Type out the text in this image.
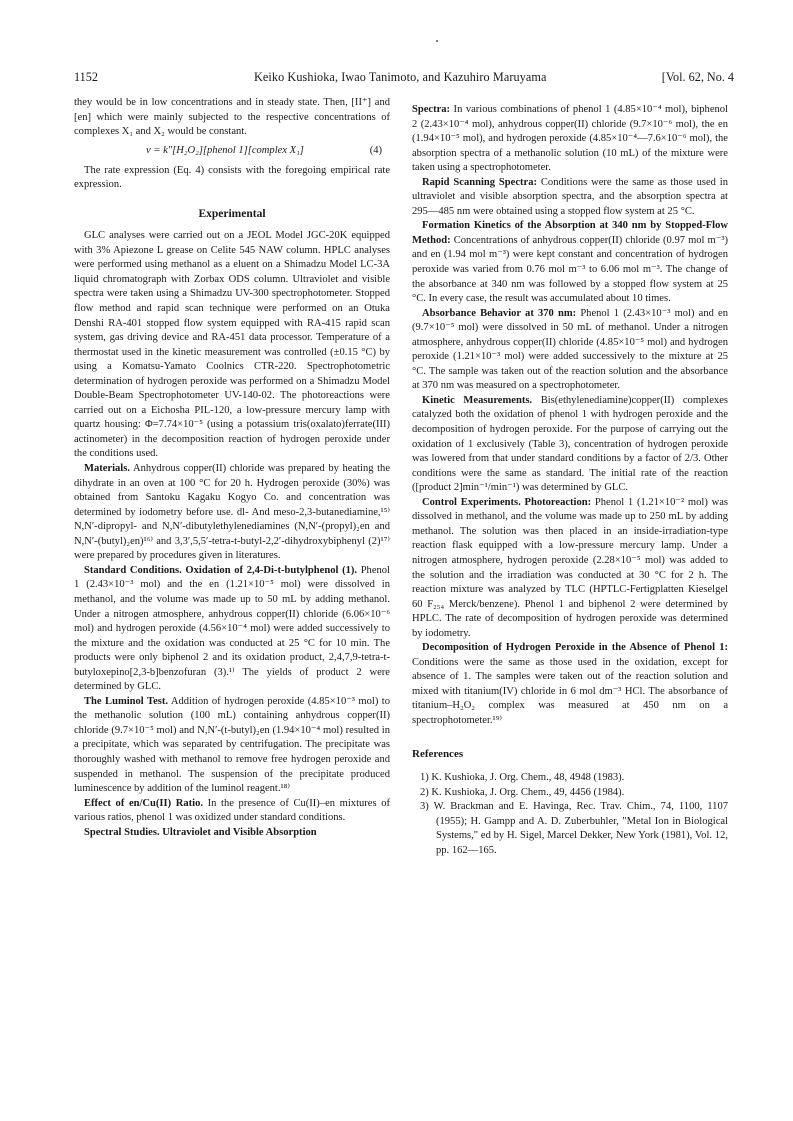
1152	Keiko Kushioka, Iwao Tanimoto, and Kazuhiro Maruyama	[Vol. 62, No. 4

they would be in low concentrations and in steady state. Then, [II⁺] and [en] which were mainly subjected to the respective concentrations of complexes X₁ and X₂ would be constant.

v = k″[H₂O₂][phenol 1][complex X₁]	(4)

The rate expression (Eq. 4) consists with the foregoing empirical rate expression.

Experimental

GLC analyses were carried out on a JEOL Model JGC-20K equipped with 3% Apiezone L grease on Celite 545 NAW column. HPLC analyses were performed using methanol as a eluent on a Shimadzu Model LC-3A liquid chromatograph with Zorbax ODS column. Ultraviolet and visible spectra were taken using a Shimadzu UV-300 spectrophotometer. Stopped flow method and rapid scan technique were performed on an Otuka Denshi RA-401 stopped flow system equipped with RA-415 rapid scan system, gas driving device and RA-451 data processor. Temperature of a thermostat used in the kinetic measurement was controlled (±0.15 °C) by using a Komatsu-Yamato Coolnics CTR-220. Spectrophotometric determination of hydrogen peroxide was performed on a Shimadzu Model Double-Beam Spectrophotometer UV-140-02. The photoreactions were carried out on a Eichosha PIL-120, a low-pressure mercury lamp with quartz housing: Φ=7.74×10⁻⁵ (using a potassium tris(oxalato)ferrate(III) actinometer) in the decomposition reaction of hydrogen peroxide under the conditions used.

Materials. Anhydrous copper(II) chloride was prepared by heating the dihydrate in an oven at 100 °C for 20 h. Hydrogen peroxide (30%) was obtained from Santoku Kagaku Kogyo Co. and concentration was determined by iodometry before use. dl- And meso-2,3-butanediamine,¹⁵⁾ N,N′-dipropyl- and N,N′-dibutylethylenediamines (N,N′-(propyl)₂en and N,N′-(butyl)₂en)¹⁶⁾ and 3,3′,5,5′-tetra-t-butyl-2,2′-dihydroxybiphenyl (2)¹⁷⁾ were prepared by procedures given in literatures.

Standard Conditions. Oxidation of 2,4-Di-t-butylphenol (1). Phenol 1 (2.43×10⁻³ mol) and the en (1.21×10⁻⁵ mol) were dissolved in methanol, and the volume was made up to 50 mL by adding methanol. Under a nitrogen atmosphere, anhydrous copper(II) chloride (6.06×10⁻⁶ mol) and hydrogen peroxide (4.56×10⁻⁴ mol) were added successively to the mixture and the oxidation was conducted at 25 °C for 10 min. The products were only biphenol 2 and its oxidation product, 2,4,7,9-tetra-t-butyloxepino[2,3-b]benzofuran (3).¹⁾ The yields of product 2 were determined by GLC.

The Luminol Test. Addition of hydrogen peroxide (4.85×10⁻³ mol) to the methanolic solution (100 mL) containing anhydrous copper(II) chloride (9.7×10⁻⁵ mol) and N,N′-(t-butyl)₂en (1.94×10⁻⁴ mol) resulted in a precipitate, which was separated by centrifugation. The precipitate was thoroughly washed with methanol to remove free hydrogen peroxide and suspended in methanol. The suspension of the precipitate produced luminescence by addition of the luminol reagent.¹⁸⁾

Effect of en/Cu(II) Ratio. In the presence of Cu(II)–en mixtures of various ratios, phenol 1 was oxidized under standard conditions.

Spectral Studies. Ultraviolet and Visible Absorption

Spectra: In various combinations of phenol 1 (4.85×10⁻⁴ mol), biphenol 2 (2.43×10⁻⁴ mol), anhydrous copper(II) chloride (9.7×10⁻⁶ mol), the en (1.94×10⁻⁵ mol), and hydrogen peroxide (4.85×10⁻⁴—7.6×10⁻⁶ mol), the absorption spectra of a methanolic solution (10 mL) of the mixture were taken using a spectrophotometer.

Rapid Scanning Spectra: Conditions were the same as those used in ultraviolet and visible absorption spectra, and the absorption spectra at 295—485 nm were obtained using a stopped flow system at 25 °C.

Formation Kinetics of the Absorption at 340 nm by Stopped-Flow Method: Concentrations of anhydrous copper(II) chloride (0.97 mol m⁻³) and en (1.94 mol m⁻³) were kept constant and concentration of hydrogen peroxide was varied from 0.76 mol m⁻³ to 6.06 mol m⁻³. The change of the absorbance at 340 nm was followed by a stopped flow system at 25 °C. In every case, the result was accumulated about 10 times.

Absorbance Behavior at 370 nm: Phenol 1 (2.43×10⁻³ mol) and en (9.7×10⁻⁵ mol) were dissolved in 50 mL of methanol. Under a nitrogen atmosphere, anhydrous copper(II) chloride (4.85×10⁻⁵ mol) and hydrogen peroxide (1.21×10⁻³ mol) were added successively to the mixture at 25 °C. The sample was taken out of the reaction solution and the absorbance at 370 nm was measured on a spectrophotometer.

Kinetic Measurements. Bis(ethylenediamine)copper(II) complexes catalyzed both the oxidation of phenol 1 with hydrogen peroxide and the decomposition of hydrogen peroxide. For the purpose of carrying out the oxidation of 1 exclusively (Table 3), concentration of hydrogen peroxide was lowered from that under standard conditions by a factor of 2/3. Other conditions were the same as standard. The initial rate of the reaction ([product 2]min⁻¹/min⁻¹) was determined by GLC.

Control Experiments. Photoreaction: Phenol 1 (1.21×10⁻² mol) was dissolved in methanol, and the volume was made up to 250 mL by adding methanol. The solution was then placed in an inside-irradiation-type reaction flask equipped with a low-pressure mercury lamp. Under a nitrogen atmosphere, hydrogen peroxide (2.28×10⁻⁵ mol) was added to the solution and the irradiation was conducted at 30 °C for 2 h. The reaction mixture was analyzed by TLC (HPTLC-Fertigplatten Kieselgel 60 F₂₅₄ Merck/benzene). Phenol 1 and biphenol 2 were determined by HPLC. The rate of decomposition of hydrogen peroxide was determined by iodometry.

Decomposition of Hydrogen Peroxide in the Absence of Phenol 1: Conditions were the same as those used in the oxidation, except for absence of 1. The samples were taken out of the reaction solution and mixed with titanium(IV) chloride in 6 mol dm⁻³ HCl. The absorbance of titanium–H₂O₂ complex was measured at 450 nm on a spectrophotometer.¹⁹⁾

References
1) K. Kushioka, J. Org. Chem., 48, 4948 (1983).
2) K. Kushioka, J. Org. Chem., 49, 4456 (1984).
3) W. Brackman and E. Havinga, Rec. Trav. Chim., 74, 1100, 1107 (1955); H. Gampp and A. D. Zuberbuhler, "Metal Ion in Biological Systems," ed by H. Sigel, Marcel Dekker, New York (1981), Vol. 12, pp. 162—165.
